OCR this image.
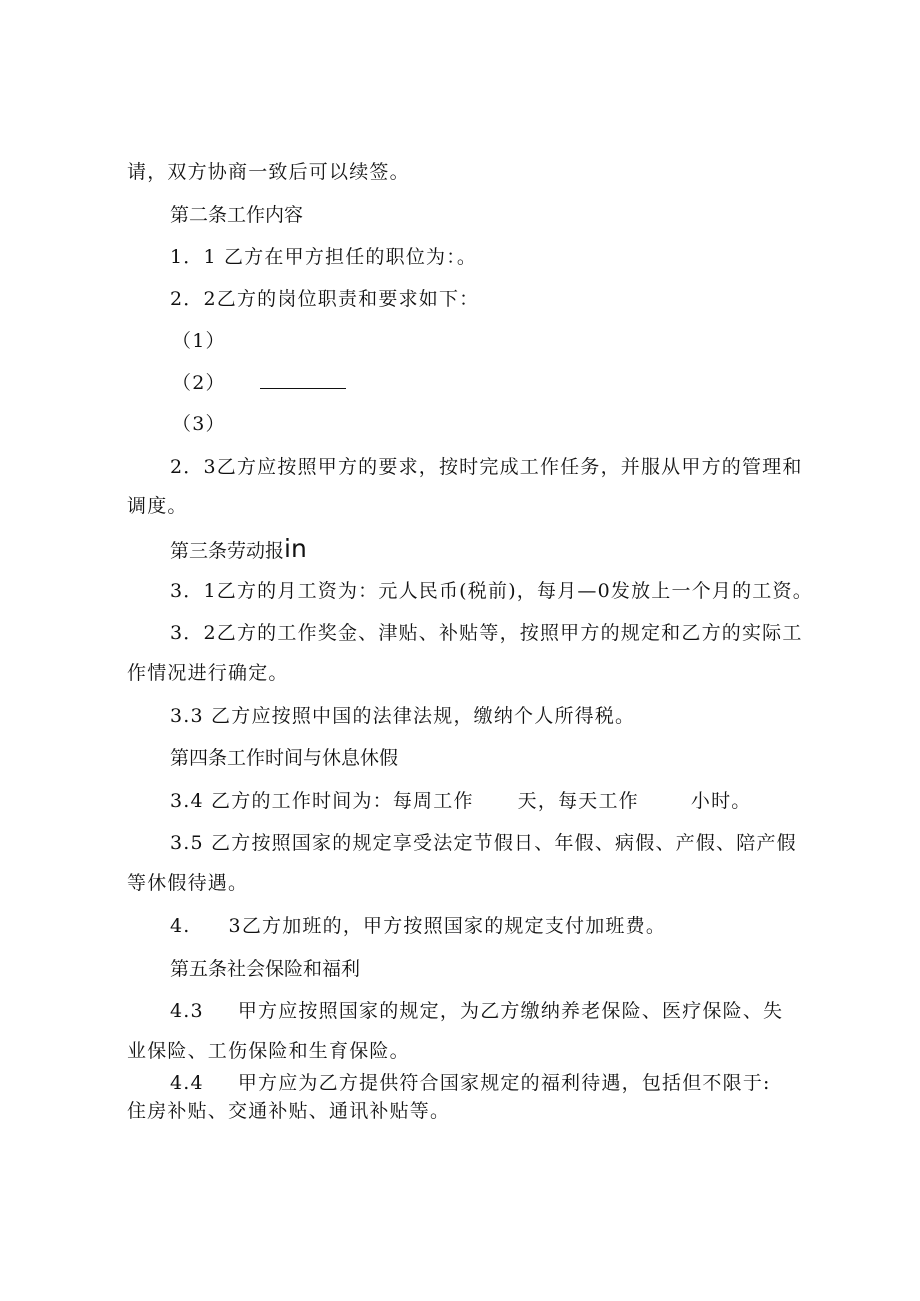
请，双方协商一致后可以续签。
第二条工作内容
1．1 乙方在甲方担任的职位为：。
2．2乙方的岗位职责和要求如下：
（1）
（2）
（3）
2．3乙方应按照甲方的要求，按时完成工作任务，并服从甲方的管理和
调度。
第三条劳动报in
3．1乙方的月工资为：元人民币(税前)，每月—0发放上一个月的工资。
3．2乙方的工作奖金、津贴、补贴等，按照甲方的规定和乙方的实际工
作情况进行确定。
3.3 乙方应按照中国的法律法规，缴纳个人所得税。
第四条工作时间与休息休假
3.4 乙方的工作时间为：每周工作 天，每天工作	小时。
3.5 乙方按照国家的规定享受法定节假日、年假、病假、产假、陪产假
等休假待遇。
4. 3乙方加班的，甲方按照国家的规定支付加班费。
第五条社会保险和福利
4.3 甲方应按照国家的规定，为乙方缴纳养老保险、医疗保险、失
业保险、工伤保险和生育保险。
4.4 甲方应为乙方提供符合国家规定的福利待遇，包括但不限于:
住房补贴、交通补贴、通讯补贴等。
